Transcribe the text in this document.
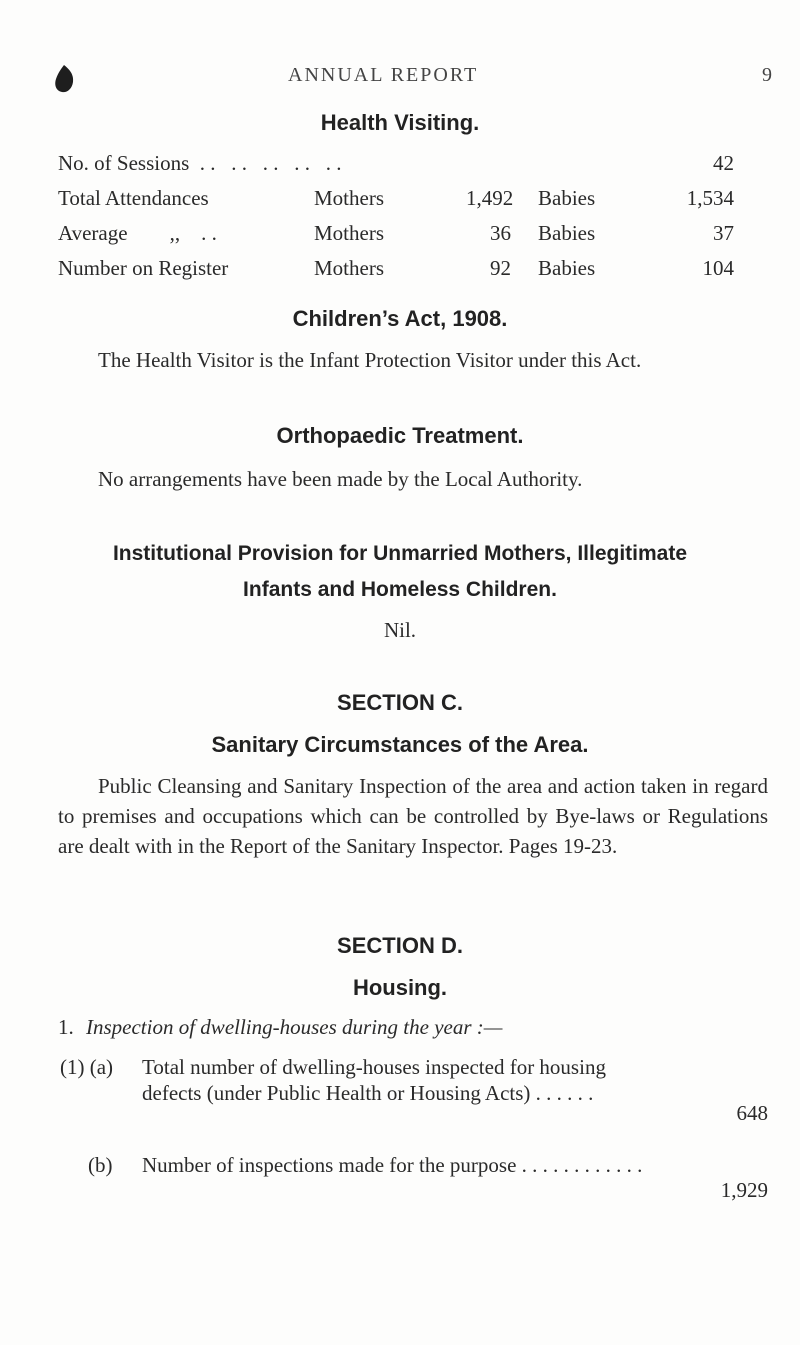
ANNUAL REPORT	9
Health Visiting.
No. of Sessions  . .   . .   . .   . .   . .	42
Total Attendances	Mothers	1,492 Babies	1,534
Average        ,,    . .	Mothers	36 Babies	37
Number on Register	Mothers	92 Babies	104
Children’s Act, 1908.
The Health Visitor is the Infant Protection Visitor under this Act.
Orthopaedic Treatment.
No arrangements have been made by the Local Authority.
Institutional Provision for Unmarried Mothers, Illegitimate
Infants and Homeless Children.
Nil.
SECTION C.
Sanitary Circumstances of the Area.
Public Cleansing and Sanitary Inspection of the area and action taken in regard to premises and occupations which can be controlled by Bye-laws or Regulations are dealt with in the Report of the Sanitary Inspector. Pages 19-23.
SECTION D.
Housing.
1. Inspection of dwelling-houses during the year :—
(1) (a)	Total number of dwelling-houses inspected for housing defects (under Public Health or Housing Acts) . . . . . .
648
(b)	Number of inspections made for the purpose . . . . . . . . . . . .
1,929
